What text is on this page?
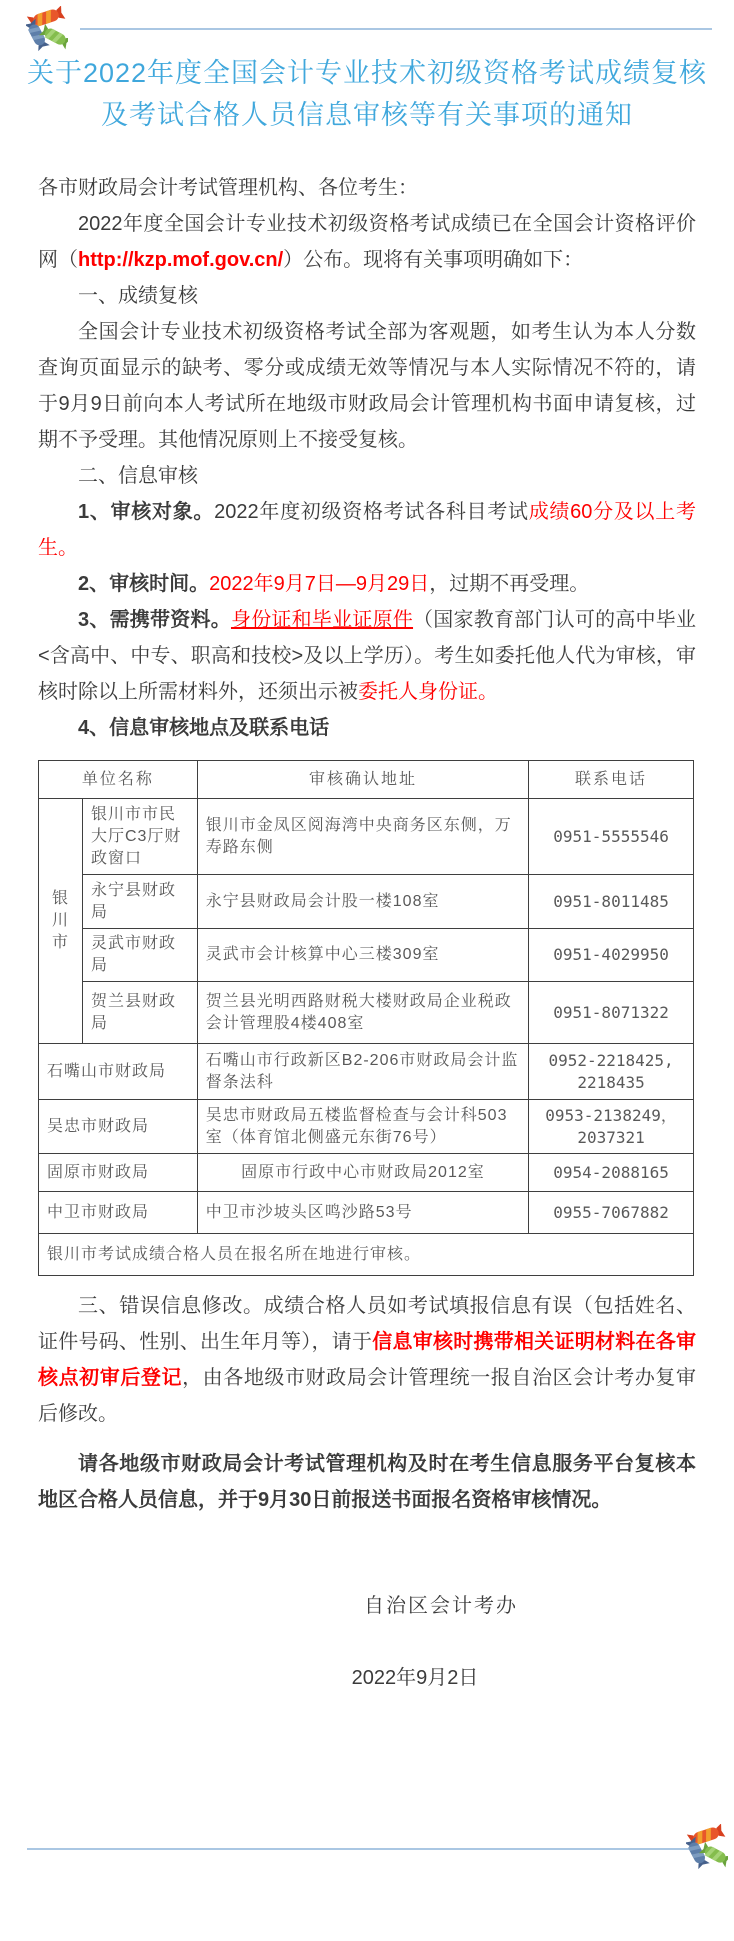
关于2022年度全国会计专业技术初级资格考试成绩复核
及考试合格人员信息审核等有关事项的通知

各市财政局会计考试管理机构、各位考生：

2022年度全国会计专业技术初级资格考试成绩已在全国会计资格评价网（http://kzp.mof.gov.cn/）公布。现将有关事项明确如下：

一、成绩复核

全国会计专业技术初级资格考试全部为客观题，如考生认为本人分数查询页面显示的缺考、零分或成绩无效等情况与本人实际情况不符的，请于9月9日前向本人考试所在地级市财政局会计管理机构书面申请复核，过期不予受理。其他情况原则上不接受复核。

二、信息审核

1、审核对象。2022年度初级资格考试各科目考试成绩60分及以上考生。

2、审核时间。2022年9月7日—9月29日，过期不再受理。

3、需携带资料。身份证和毕业证原件（国家教育部门认可的高中毕业<含高中、中专、职高和技校>及以上学历）。考生如委托他人代为审核，审核时除以上所需材料外，还须出示被委托人身份证。

4、信息审核地点及联系电话

单位名称		审核确认地址	联系电话
银川市	银川市市民大厅C3厅财政窗口	银川市金凤区阅海湾中央商务区东侧，万寿路东侧	0951-5555546
	永宁县财政局	永宁县财政局会计股一楼108室	0951-8011485
	灵武市财政局	灵武市会计核算中心三楼309室	0951-4029950
	贺兰县财政局	贺兰县光明西路财税大楼财政局企业税政会计管理股4楼408室	0951-8071322
石嘴山市财政局		石嘴山市行政新区B2-206市财政局会计监督条法科	0952-2218425, 2218435
吴忠市财政局		吴忠市财政局五楼监督检查与会计科503室（体育馆北侧盛元东街76号）	0953-2138249，2037321
固原市财政局		固原市行政中心市财政局2012室	0954-2088165
中卫市财政局		中卫市沙坡头区鸣沙路53号	0955-7067882
银川市考试成绩合格人员在报名所在地进行审核。			

三、错误信息修改。成绩合格人员如考试填报信息有误（包括姓名、证件号码、性别、出生年月等），请于信息审核时携带相关证明材料在各审核点初审后登记，由各地级市财政局会计管理统一报自治区会计考办复审后修改。

请各地级市财政局会计考试管理机构及时在考生信息服务平台复核本地区合格人员信息，并于9月30日前报送书面报名资格审核情况。

自治区会计考办

2022年9月2日
